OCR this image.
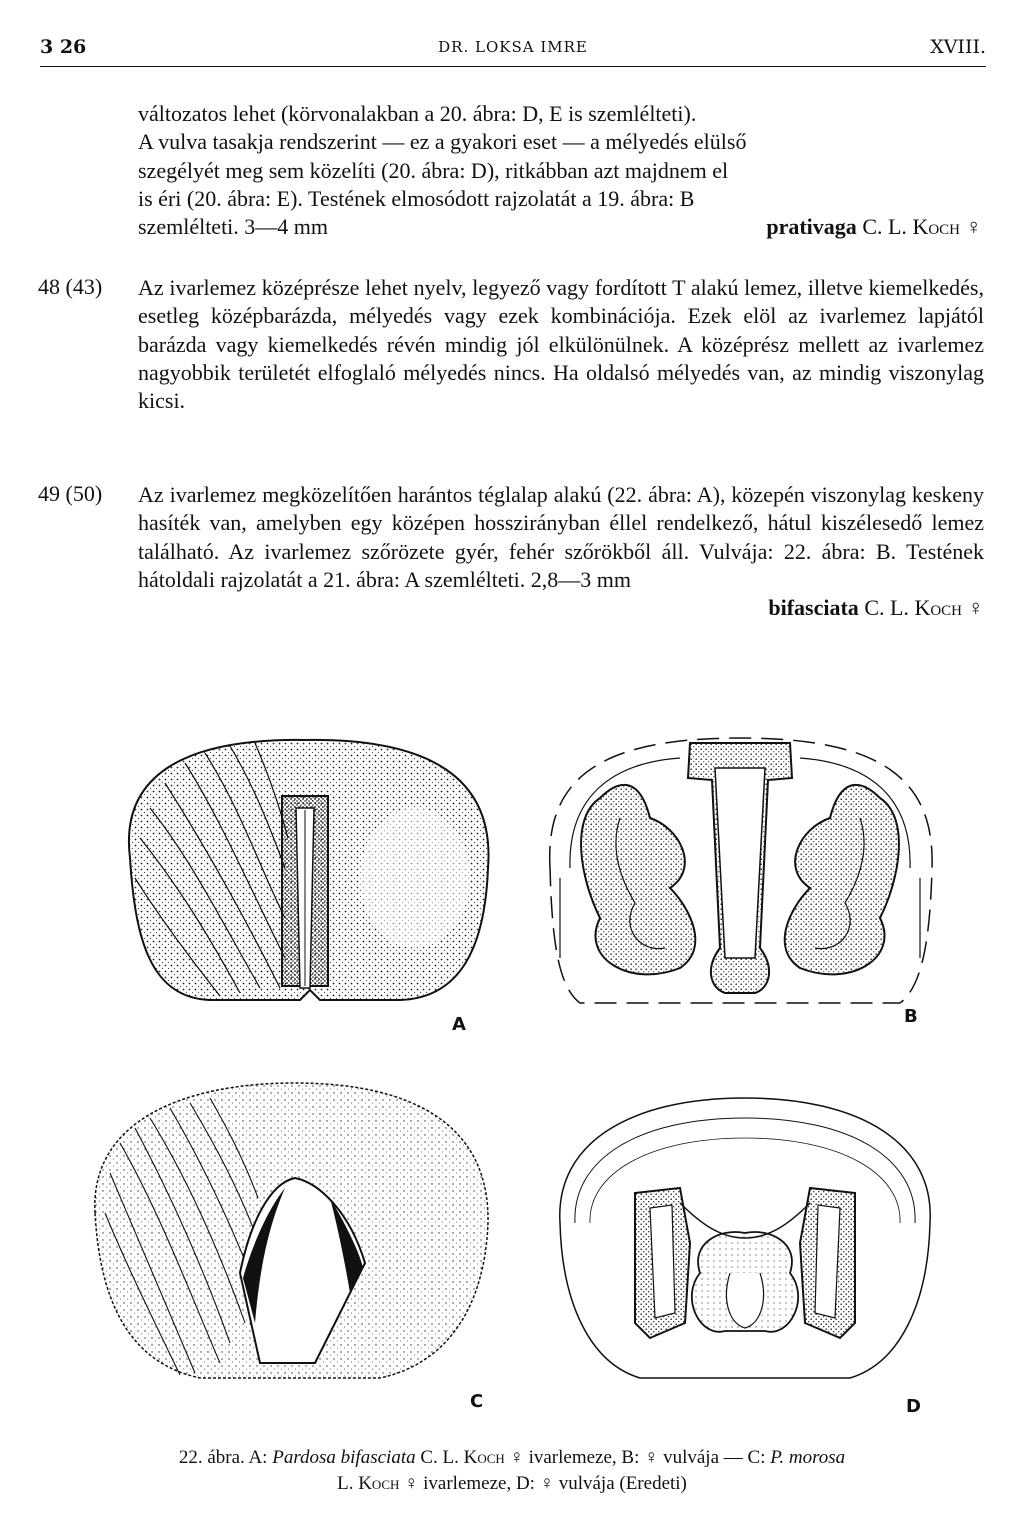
3 26	DR. LOKSA IMRE	XVIII.
változatos lehet (körvonalakban a 20. ábra: D, E is szemlélteti).
A vulva tasakja rendszerint — ez a gyakori eset — a mélyedés elülső
szegélyét meg sem közelíti (20. ábra: D), ritkábban azt majdnem el
is éri (20. ábra: E). Testének elmosódott rajzolatát a 19. ábra: B
szemlélteti. 3—4 mm	prativaga C. L. Koch ♀
48 (43) Az ivarlemez középrésze lehet nyelv, legyező vagy fordított T alakú lemez, illetve kiemelkedés, esetleg középbarázda, mélyedés vagy ezek kombinációja. Ezek elöl az ivarlemez lapjától barázda vagy kiemelkedés révén mindig jól elkülönülnek. A középrész mellett az ivarlemez nagyobbik területét elfoglaló mélyedés nincs. Ha oldalsó mélyedés van, az mindig viszonylag kicsi.
49 (50) Az ivarlemez megközelítően harántos téglalap alakú (22. ábra: A), közepén viszonylag keskeny hasíték van, amelyben egy középen hosszirányban éllel rendelkező, hátul kiszélesedő lemez található. Az ivarlemez szőrözete gyér, fehér szőrökből áll. Vulvája: 22. ábra: B. Testének hátoldali rajzolatát a 21. ábra: A szemlélteti. 2,8—3 mm
bifasciata C. L. Koch ♀
A	B
C	D
22. ábra. A: Pardosa bifasciata C. L. Koch ♀ ivarlemeze, B: ♀ vulvája — C: P. morosa
L. Koch ♀ ivarlemeze, D: ♀ vulvája (Eredeti)
